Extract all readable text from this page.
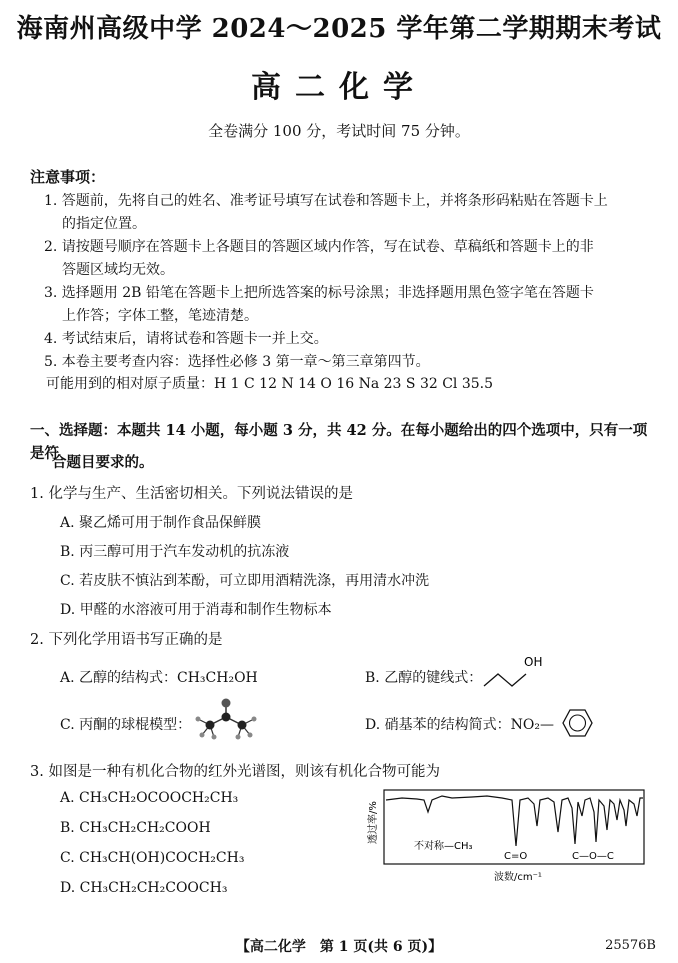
海南州高级中学 2024～2025 学年第二学期期末考试
高二化学
全卷满分 100 分，考试时间 75 分钟。
注意事项：
1. 答题前，先将自己的姓名、准考证号填写在试卷和答题卡上，并将条形码粘贴在答题卡上
的指定位置。
2. 请按题号顺序在答题卡上各题目的答题区域内作答，写在试卷、草稿纸和答题卡上的非
答题区域均无效。
3. 选择题用 2B 铅笔在答题卡上把所选答案的标号涂黑；非选择题用黑色签字笔在答题卡
上作答；字体工整，笔迹清楚。
4. 考试结束后，请将试卷和答题卡一并上交。
5. 本卷主要考查内容：选择性必修 3 第一章～第三章第四节。
可能用到的相对原子质量：H 1 C 12 N 14 O 16 Na 23 S 32 Cl 35.5
一、选择题：本题共 14 小题，每小题 3 分，共 42 分。在每小题给出的四个选项中，只有一项是符
合题目要求的。
1. 化学与生产、生活密切相关。下列说法错误的是
A. 聚乙烯可用于制作食品保鲜膜
B. 丙三醇可用于汽车发动机的抗冻液
C. 若皮肤不慎沾到苯酚，可立即用酒精洗涤，再用清水冲洗
D. 甲醛的水溶液可用于消毒和制作生物标本
2. 下列化学用语书写正确的是
A. 乙醇的结构式：CH₃CH₂OH	B. 乙醇的键线式：
OH
C. 丙酮的球棍模型：	D. 硝基苯的结构简式：NO₂—
3. 如图是一种有机化合物的红外光谱图，则该有机化合物可能为
A. CH₃CH₂OCOOCH₂CH₃
B. CH₃CH₂CH₂COOH
C. CH₃CH(OH)COCH₂CH₃
D. CH₃CH₂CH₂COOCH₃
透过率/%
不对称—CH₃
C=O	C—O—C
波数/cm⁻¹
【高二化学　第 1 页(共 6 页)】	25576B
